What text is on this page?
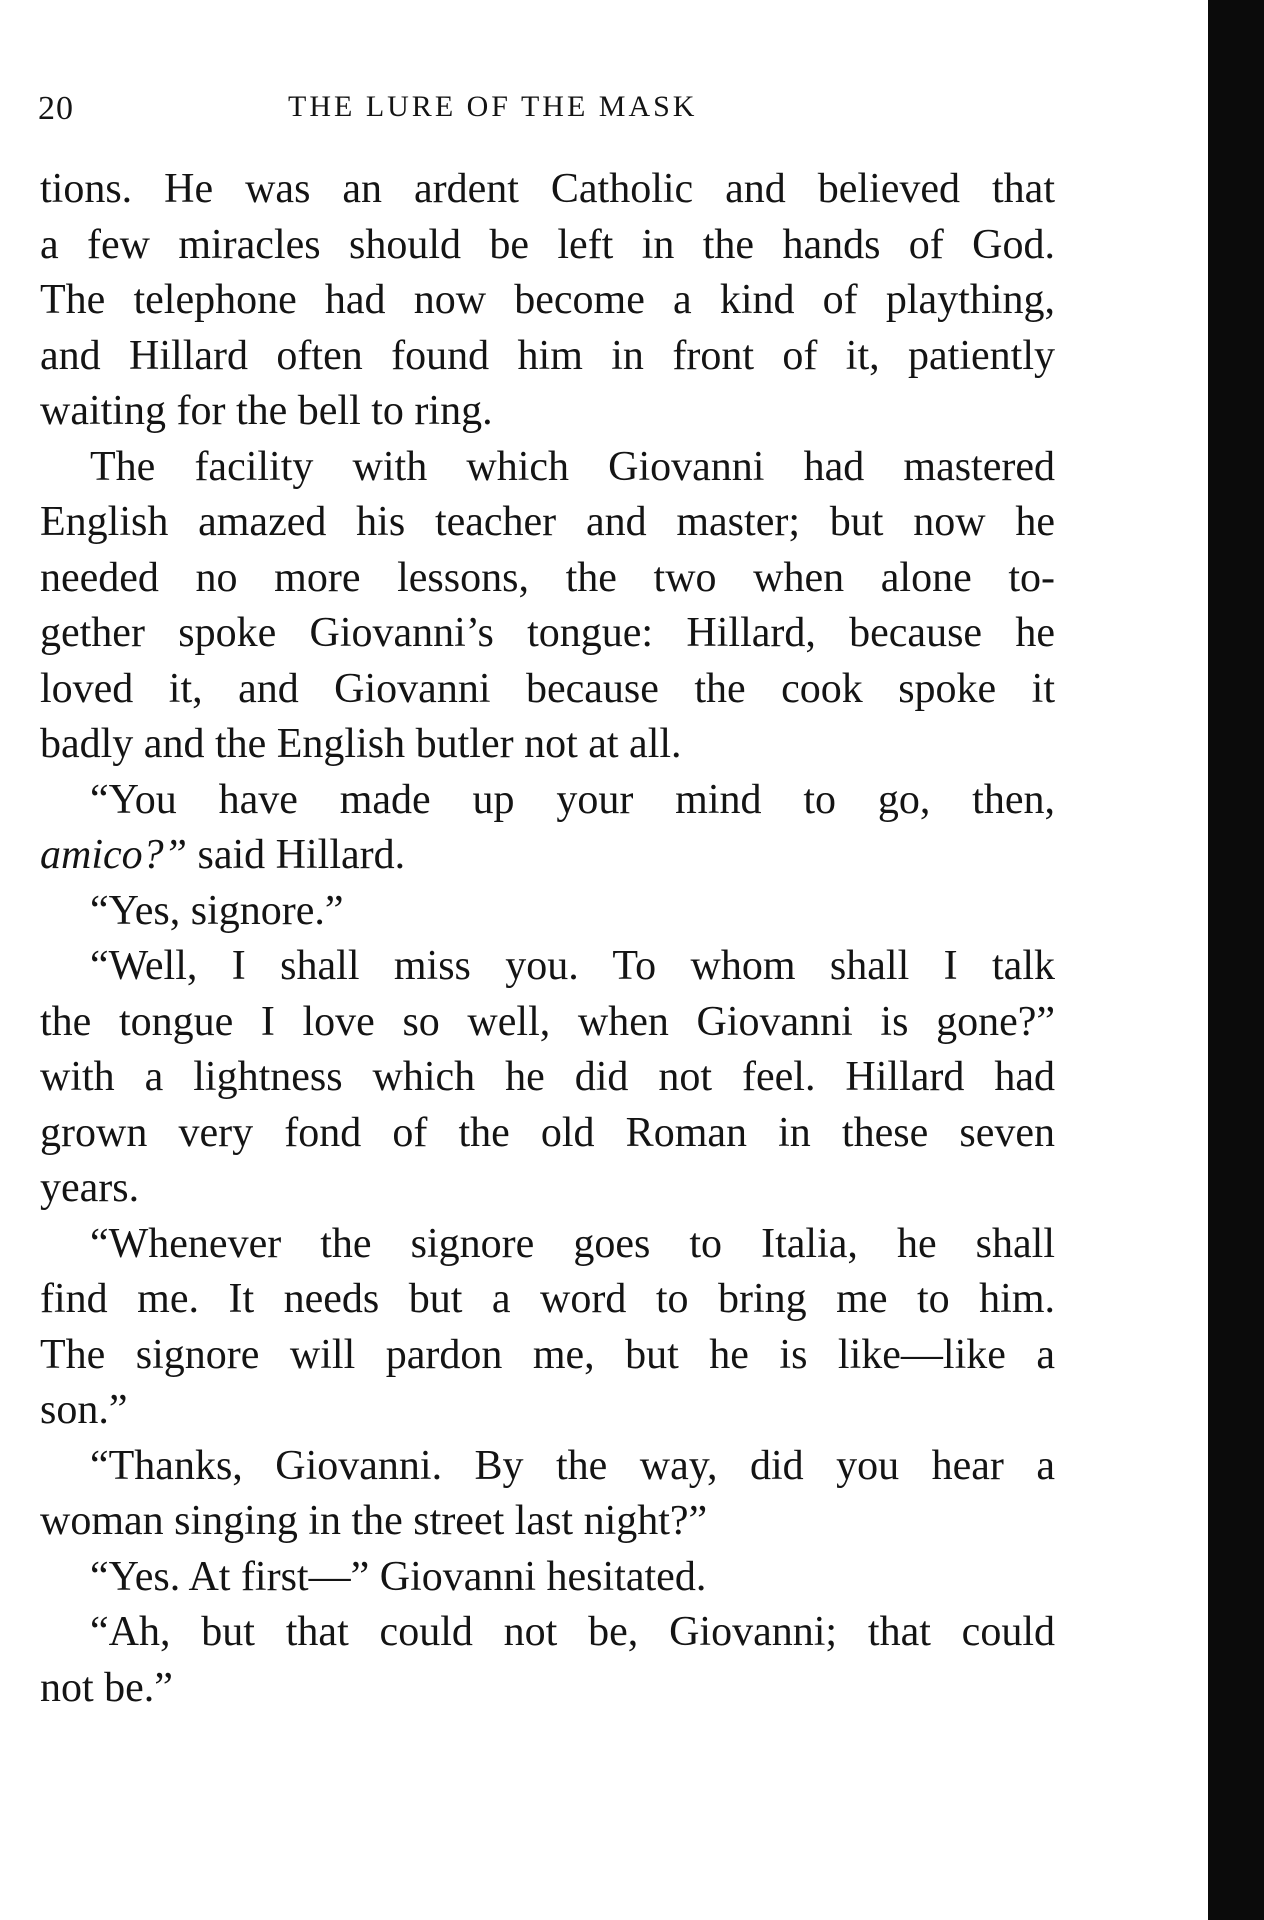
20	THE LURE OF THE MASK
tions. He was an ardent Catholic and believed that
a few miracles should be left in the hands of God.
The telephone had now become a kind of plaything,
and Hillard often found him in front of it, patiently
waiting for the bell to ring.
The facility with which Giovanni had mastered
English amazed his teacher and master; but now he
needed no more lessons, the two when alone to-
gether spoke Giovanni’s tongue: Hillard, because he
loved it, and Giovanni because the cook spoke it
badly and the English butler not at all.
“You have made up your mind to go, then,
amico?” said Hillard.
“Yes, signore.”
“Well, I shall miss you. To whom shall I talk
the tongue I love so well, when Giovanni is gone?”
with a lightness which he did not feel. Hillard had
grown very fond of the old Roman in these seven
years.
“Whenever the signore goes to Italia, he shall
find me. It needs but a word to bring me to him.
The signore will pardon me, but he is like—like a
son.”
“Thanks, Giovanni. By the way, did you hear a
woman singing in the street last night?”
“Yes. At first—” Giovanni hesitated.
“Ah, but that could not be, Giovanni; that could
not be.”
